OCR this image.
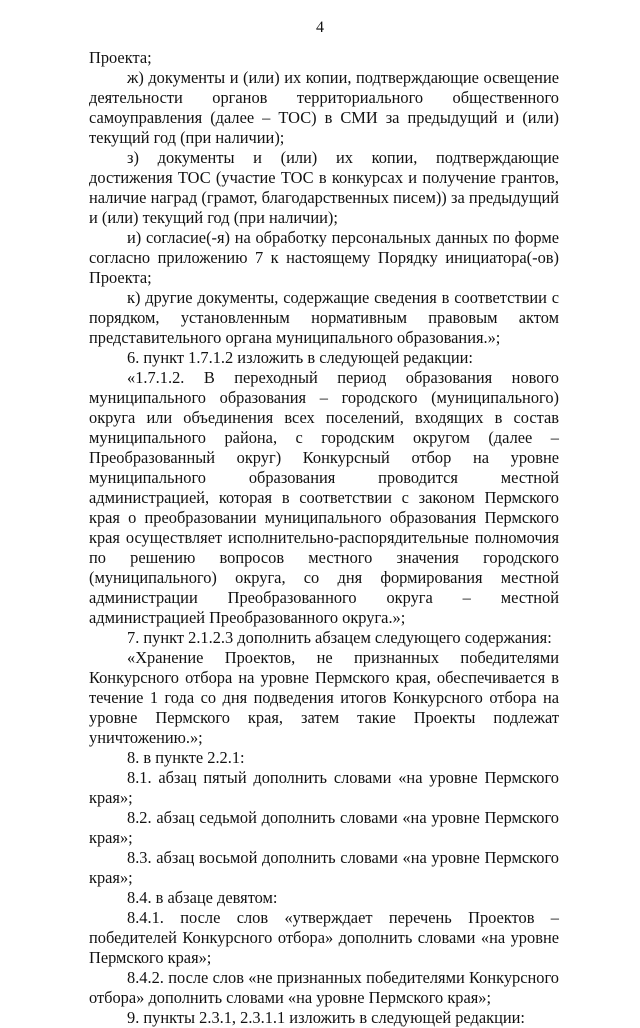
4

Проекта;

ж) документы и (или) их копии, подтверждающие освещение деятельности органов территориального общественного самоуправления (далее – ТОС) в СМИ за предыдущий и (или) текущий год (при наличии);

з) документы и (или) их копии, подтверждающие достижения ТОС (участие ТОС в конкурсах и получение грантов, наличие наград (грамот, благодарственных писем)) за предыдущий и (или) текущий год (при наличии);

и) согласие(-я) на обработку персональных данных по форме согласно приложению 7 к настоящему Порядку инициатора(-ов) Проекта;

к) другие документы, содержащие сведения в соответствии с порядком, установленным нормативным правовым актом представительного органа муниципального образования.»;

6. пункт 1.7.1.2 изложить в следующей редакции:

«1.7.1.2. В переходный период образования нового муниципального образования – городского (муниципального) округа или объединения всех поселений, входящих в состав муниципального района, с городским округом (далее – Преобразованный округ) Конкурсный отбор на уровне муниципального образования проводится местной администрацией, которая в соответствии с законом Пермского края о преобразовании муниципального образования Пермского края осуществляет исполнительно-распорядительные полномочия по решению вопросов местного значения городского (муниципального) округа, со дня формирования местной администрации Преобразованного округа – местной администрацией Преобразованного округа.»;

7. пункт 2.1.2.3 дополнить абзацем следующего содержания:

«Хранение Проектов, не признанных победителями Конкурсного отбора на уровне Пермского края, обеспечивается в течение 1 года со дня подведения итогов Конкурсного отбора на уровне Пермского края, затем такие Проекты подлежат уничтожению.»;

8. в пункте 2.2.1:

8.1. абзац пятый дополнить словами «на уровне Пермского края»;

8.2. абзац седьмой дополнить словами «на уровне Пермского края»;

8.3. абзац восьмой дополнить словами «на уровне Пермского края»;

8.4. в абзаце девятом:

8.4.1. после слов «утверждает перечень Проектов – победителей Конкурсного отбора» дополнить словами «на уровне Пермского края»;

8.4.2. после слов «не признанных победителями Конкурсного отбора» дополнить словами «на уровне Пермского края»;

9. пункты 2.3.1, 2.3.1.1 изложить в следующей редакции:
